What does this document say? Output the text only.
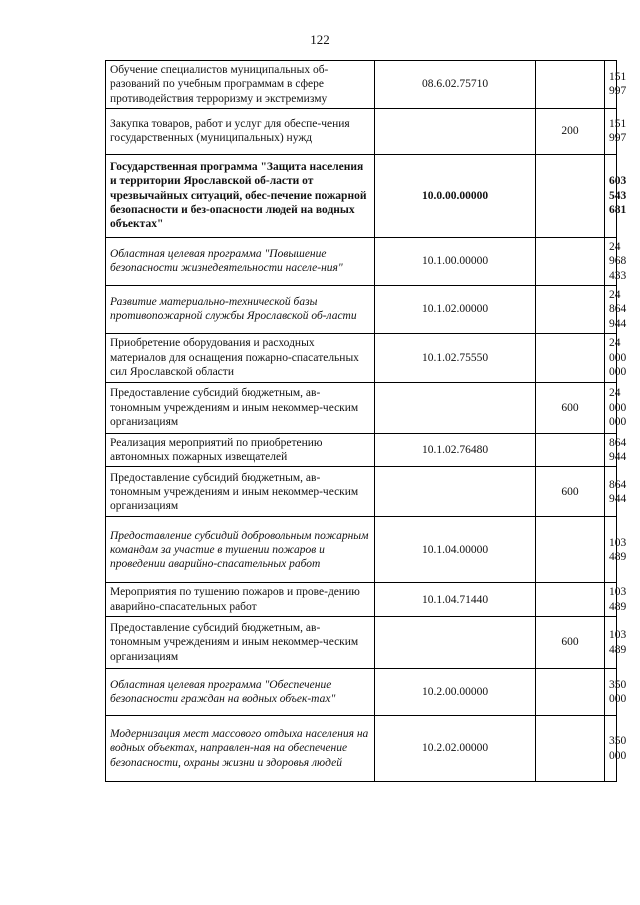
122
Обучение специалистов муниципальных об-разований по учебным программам в сфере противодействия терроризму и экстремизму	08.6.02.75710		151 997
Закупка товаров, работ и услуг для обеспе-чения государственных (муниципальных) нужд		200	151 997
Государственная программа "Защита населения и территории Ярославской об-ласти от чрезвычайных ситуаций, обес-печение пожарной безопасности и без-опасности людей на водных объектах"	10.0.00.00000		603 543 681
Областная целевая программа "Повышение безопасности жизнедеятельности населе-ния"	10.1.00.00000		24 968 433
Развитие материально-технической базы противопожарной службы Ярославской об-ласти	10.1.02.00000		24 864 944
Приобретение оборудования и расходных материалов для оснащения пожарно-спасательных сил Ярославской области	10.1.02.75550		24 000 000
Предоставление субсидий бюджетным, ав-тономным учреждениям и иным некоммер-ческим организациям		600	24 000 000
Реализация мероприятий по приобретению автономных пожарных извещателей	10.1.02.76480		864 944
Предоставление субсидий бюджетным, ав-тономным учреждениям и иным некоммер-ческим организациям		600	864 944
Предоставление субсидий добровольным пожарным командам за участие в тушении пожаров и проведении аварийно-спасательных работ	10.1.04.00000		103 489
Мероприятия по тушению пожаров и прове-дению аварийно-спасательных работ	10.1.04.71440		103 489
Предоставление субсидий бюджетным, ав-тономным учреждениям и иным некоммер-ческим организациям		600	103 489
Областная целевая программа "Обеспечение безопасности граждан на водных объек-тах"	10.2.00.00000		350 000
Модернизация мест массового отдыха населения на водных объектах, направлен-ная на обеспечение безопасности, охраны жизни и здоровья людей	10.2.02.00000		350 000
